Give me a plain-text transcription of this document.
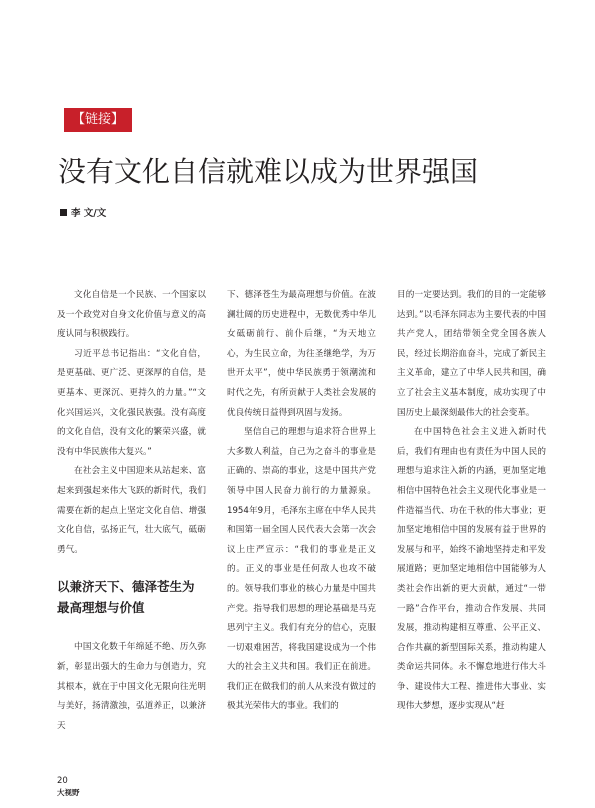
【链接】
没有文化自信就难以成为世界强国
李 文/文

文化自信是一个民族、一个国家以及一个政党对自身文化价值与意义的高度认同与积极践行。

习近平总书记指出：“文化自信，是更基础、更广泛、更深厚的自信，是更基本、更深沉、更持久的力量。”“文化兴国运兴，文化强民族强。没有高度的文化自信，没有文化的繁荣兴盛，就没有中华民族伟大复兴。”

在社会主义中国迎来从站起来、富起来到强起来伟大飞跃的新时代，我们需要在新的起点上坚定文化自信、增强文化自信，弘扬正气，壮大底气，砥砺勇气。

以兼济天下、德泽苍生为最高理想与价值

中国文化数千年绵延不绝、历久弥新，彰显出强大的生命力与创造力，究其根本，就在于中国文化无限向往光明与美好，扬清激浊，弘道养正，以兼济天

下、德泽苍生为最高理想与价值。在波澜壮阔的历史进程中，无数优秀中华儿女砥砺前行、前仆后继，“为天地立心，为生民立命，为往圣继绝学，为万世开太平”，使中华民族勇于领潮流和时代之先，有所贡献于人类社会发展的优良传统日益得到巩固与发扬。

坚信自己的理想与追求符合世界上大多数人利益，自己为之奋斗的事业是正确的、崇高的事业，这是中国共产党领导中国人民奋力前行的力量源泉。1954年9月，毛泽东主席在中华人民共和国第一届全国人民代表大会第一次会议上庄严宣示：“我们的事业是正义的。正义的事业是任何敌人也攻不破的。领导我们事业的核心力量是中国共产党。指导我们思想的理论基础是马克思列宁主义。我们有充分的信心，克服一切艰难困苦，将我国建设成为一个伟大的社会主义共和国。我们正在前进。我们正在做我们的前人从来没有做过的极其光荣伟大的事业。我们的

目的一定要达到。我们的目的一定能够达到。”以毛泽东同志为主要代表的中国共产党人，团结带领全党全国各族人民，经过长期浴血奋斗，完成了新民主主义革命，建立了中华人民共和国，确立了社会主义基本制度，成功实现了中国历史上最深刻最伟大的社会变革。

在中国特色社会主义进入新时代后，我们有理由也有责任为中国人民的理想与追求注入新的内涵，更加坚定地相信中国特色社会主义现代化事业是一件造福当代、功在千秋的伟大事业；更加坚定地相信中国的发展有益于世界的发展与和平，始终不渝地坚持走和平发展道路；更加坚定地相信中国能够为人类社会作出新的更大贡献，通过“一带一路”合作平台，推动合作发展、共同发展，推动构建相互尊重、公平正义、合作共赢的新型国际关系，推动构建人类命运共同体。永不懈怠地进行伟大斗争、建设伟大工程、推进伟大事业、实现伟大梦想，逐步实现从“赶

20
大视野
